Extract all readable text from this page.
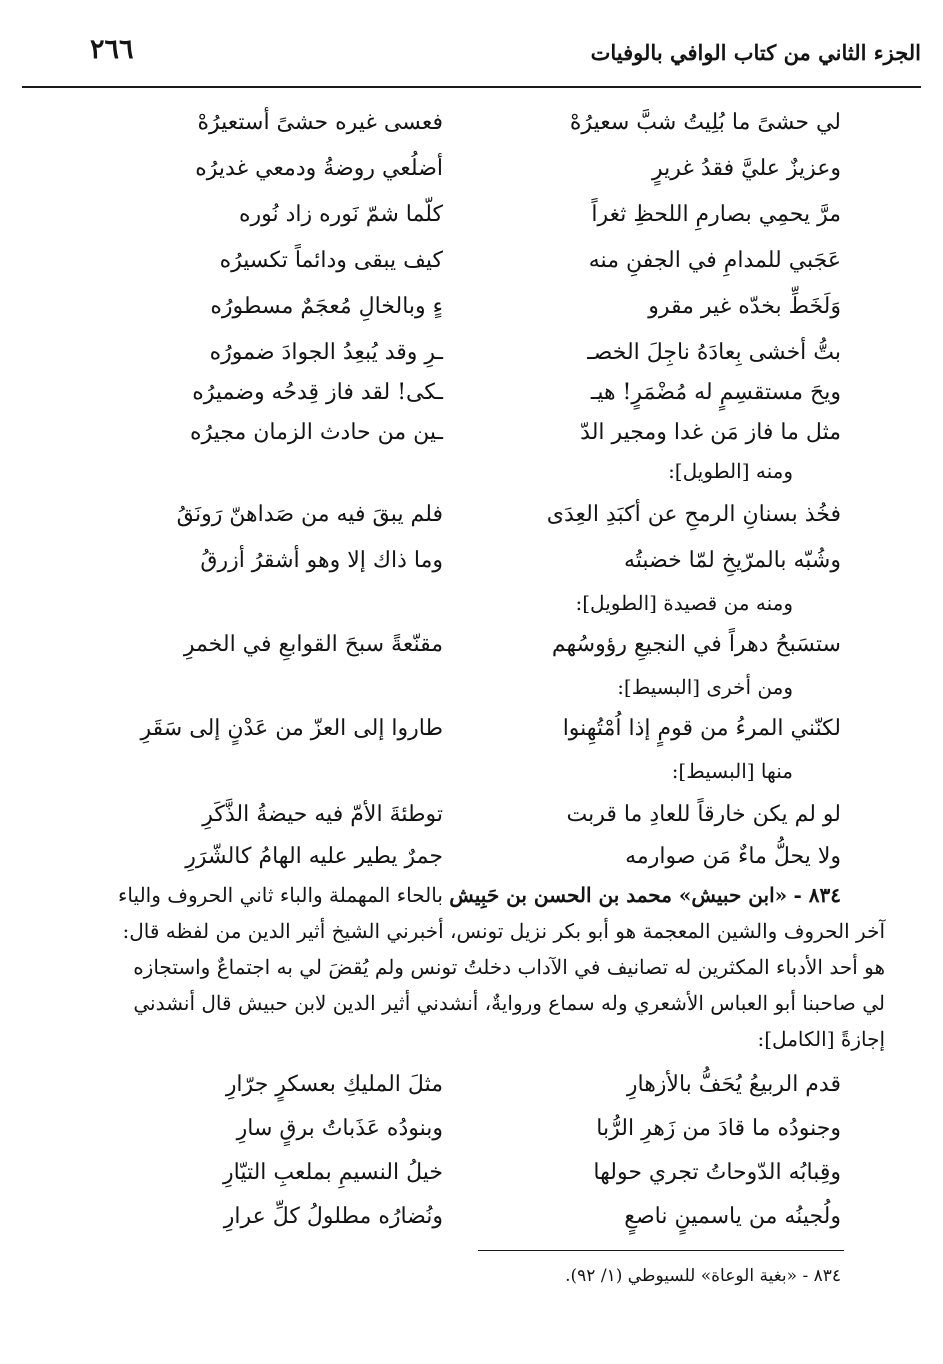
الجزء الثاني من كتاب الوافي بالوفيات
٢٦٦
لي حشىً ما بُلِيتُ شبَّ سعيرُهْ
فعسى غيره حشىً أستعيرُهْ
وعزيزٌ عليَّ فقدُ غريرٍ
أضلُعي روضةُ ودمعي غديرُه
مرَّ يحمِي بصارمِ اللحظِ ثغراً
كلّما شمّ نَوره زاد نُوره
عَجَبي للمدامِ في الجفنِ منه
كيف يبقى ودائماً تكسيرُه
وَلَخَطِّ بخدّه غير مقرو
ءٍ وبالخالِ مُعجَمٌ مسطورُه
بتُّ أخشى بِعادَهُ ناجِلَ الخصـ
ـرِ وقد يُبعِدُ الجوادَ ضمورُه
ويحَ مستقسِمٍ له مُضْمَرٍ! هيـ
ـكى! لقد فاز قِدحُه وضميرُه
مثل ما فاز مَن غدا ومجير الدّ
ـين من حادث الزمان مجيرُه
ومنه [الطويل]:
فخُذ بسنانِ الرمحِ عن أكبَدِ العِدَى
فلم يبقَ فيه من صَداهنّ رَونَقُ
وشُبّه بالمرّيخِ لمّا خضبتُه
وما ذاك إلا وهو أشقرُ أزرقُ
ومنه من قصيدة [الطويل]:
ستسَبحُ دهراً في النجيعِ رؤوسُهم
مقنّعةً سبحَ القوابعِ في الخمرِ
ومن أخرى [البسيط]:
لكنّني المرءُ من قومٍ إذا اُمْتُهِنوا
طاروا إلى العزّ من عَدْنٍ إلى سَقَرِ
منها [البسيط]:
لو لم يكن خارقاً للعادِ ما قربت
توطئةَ الأمّ فيه حيضةُ الذَّكَرِ
ولا يحلُّ ماءٌ مَن صوارمه
جمرٌ يطير عليه الهامُ كالشّرَرِ
٨٣٤ - «ابن حبيش» محمد بن الحسن بن حَبِيش بالحاء المهملة والباء ثاني الحروف والياء
آخر الحروف والشين المعجمة هو أبو بكر نزيل تونس، أخبرني الشيخ أثير الدين من لفظه قال:
هو أحد الأدباء المكثرين له تصانيف في الآداب دخلتُ تونس ولم يُقضَ لي به اجتماعٌ واستجازه
لي صاحبنا أبو العباس الأشعري وله سماع وروايةٌ، أنشدني أثير الدين لابن حبيش قال أنشدني
إجازةً [الكامل]:
قدم الربيعُ يُحَفُّ بالأزهارِ
مثلَ المليكِ بعسكرٍ جرّارِ
وجنودُه ما قادَ من زَهرِ الرُّبا
وبنودُه عَذَباتُ برقٍ سارِ
وقِبابُه الدّوحاتُ تجري حولها
خيلُ النسيمِ بملعبِ التيّارِ
ولُجينُه من ياسمينٍ ناصعٍ
ونُضارُه مطلولُ كلِّ عرارِ
٨٣٤ - «بغية الوعاة» للسيوطي (١/ ٩٢).
